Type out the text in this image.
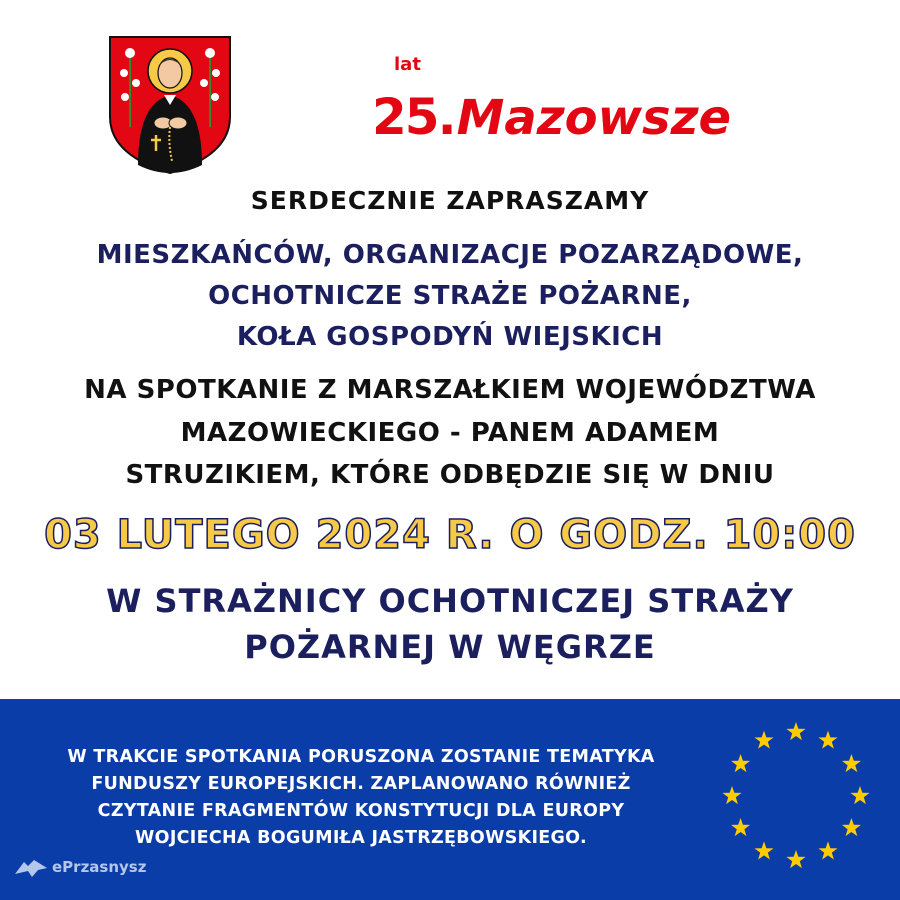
25.
lat
Mazowsze
SERDECZNIE ZAPRASZAMY
MIESZKAŃCÓW, ORGANIZACJE POZARZĄDOWE,
OCHOTNICZE STRAŻE POŻARNE,
KOŁA GOSPODYŃ WIEJSKICH
NA SPOTKANIE Z MARSZAŁKIEM WOJEWÓDZTWA
MAZOWIECKIEGO - PANEM ADAMEM
STRUZIKIEM, KTÓRE ODBĘDZIE SIĘ W DNIU
03 LUTEGO 2024 R. O GODZ. 10:00
W STRAŻNICY OCHOTNICZEJ STRAŻY
POŻARNEJ W WĘGRZE
W TRAKCIE SPOTKANIA PORUSZONA ZOSTANIE TEMATYKA
FUNDUSZY EUROPEJSKICH. ZAPLANOWANO RÓWNIEŻ
CZYTANIE FRAGMENTÓW KONSTYTUCJI DLA EUROPY
WOJCIECHA BOGUMIŁA JASTRZĘBOWSKIEGO.
ePrzasnysz
